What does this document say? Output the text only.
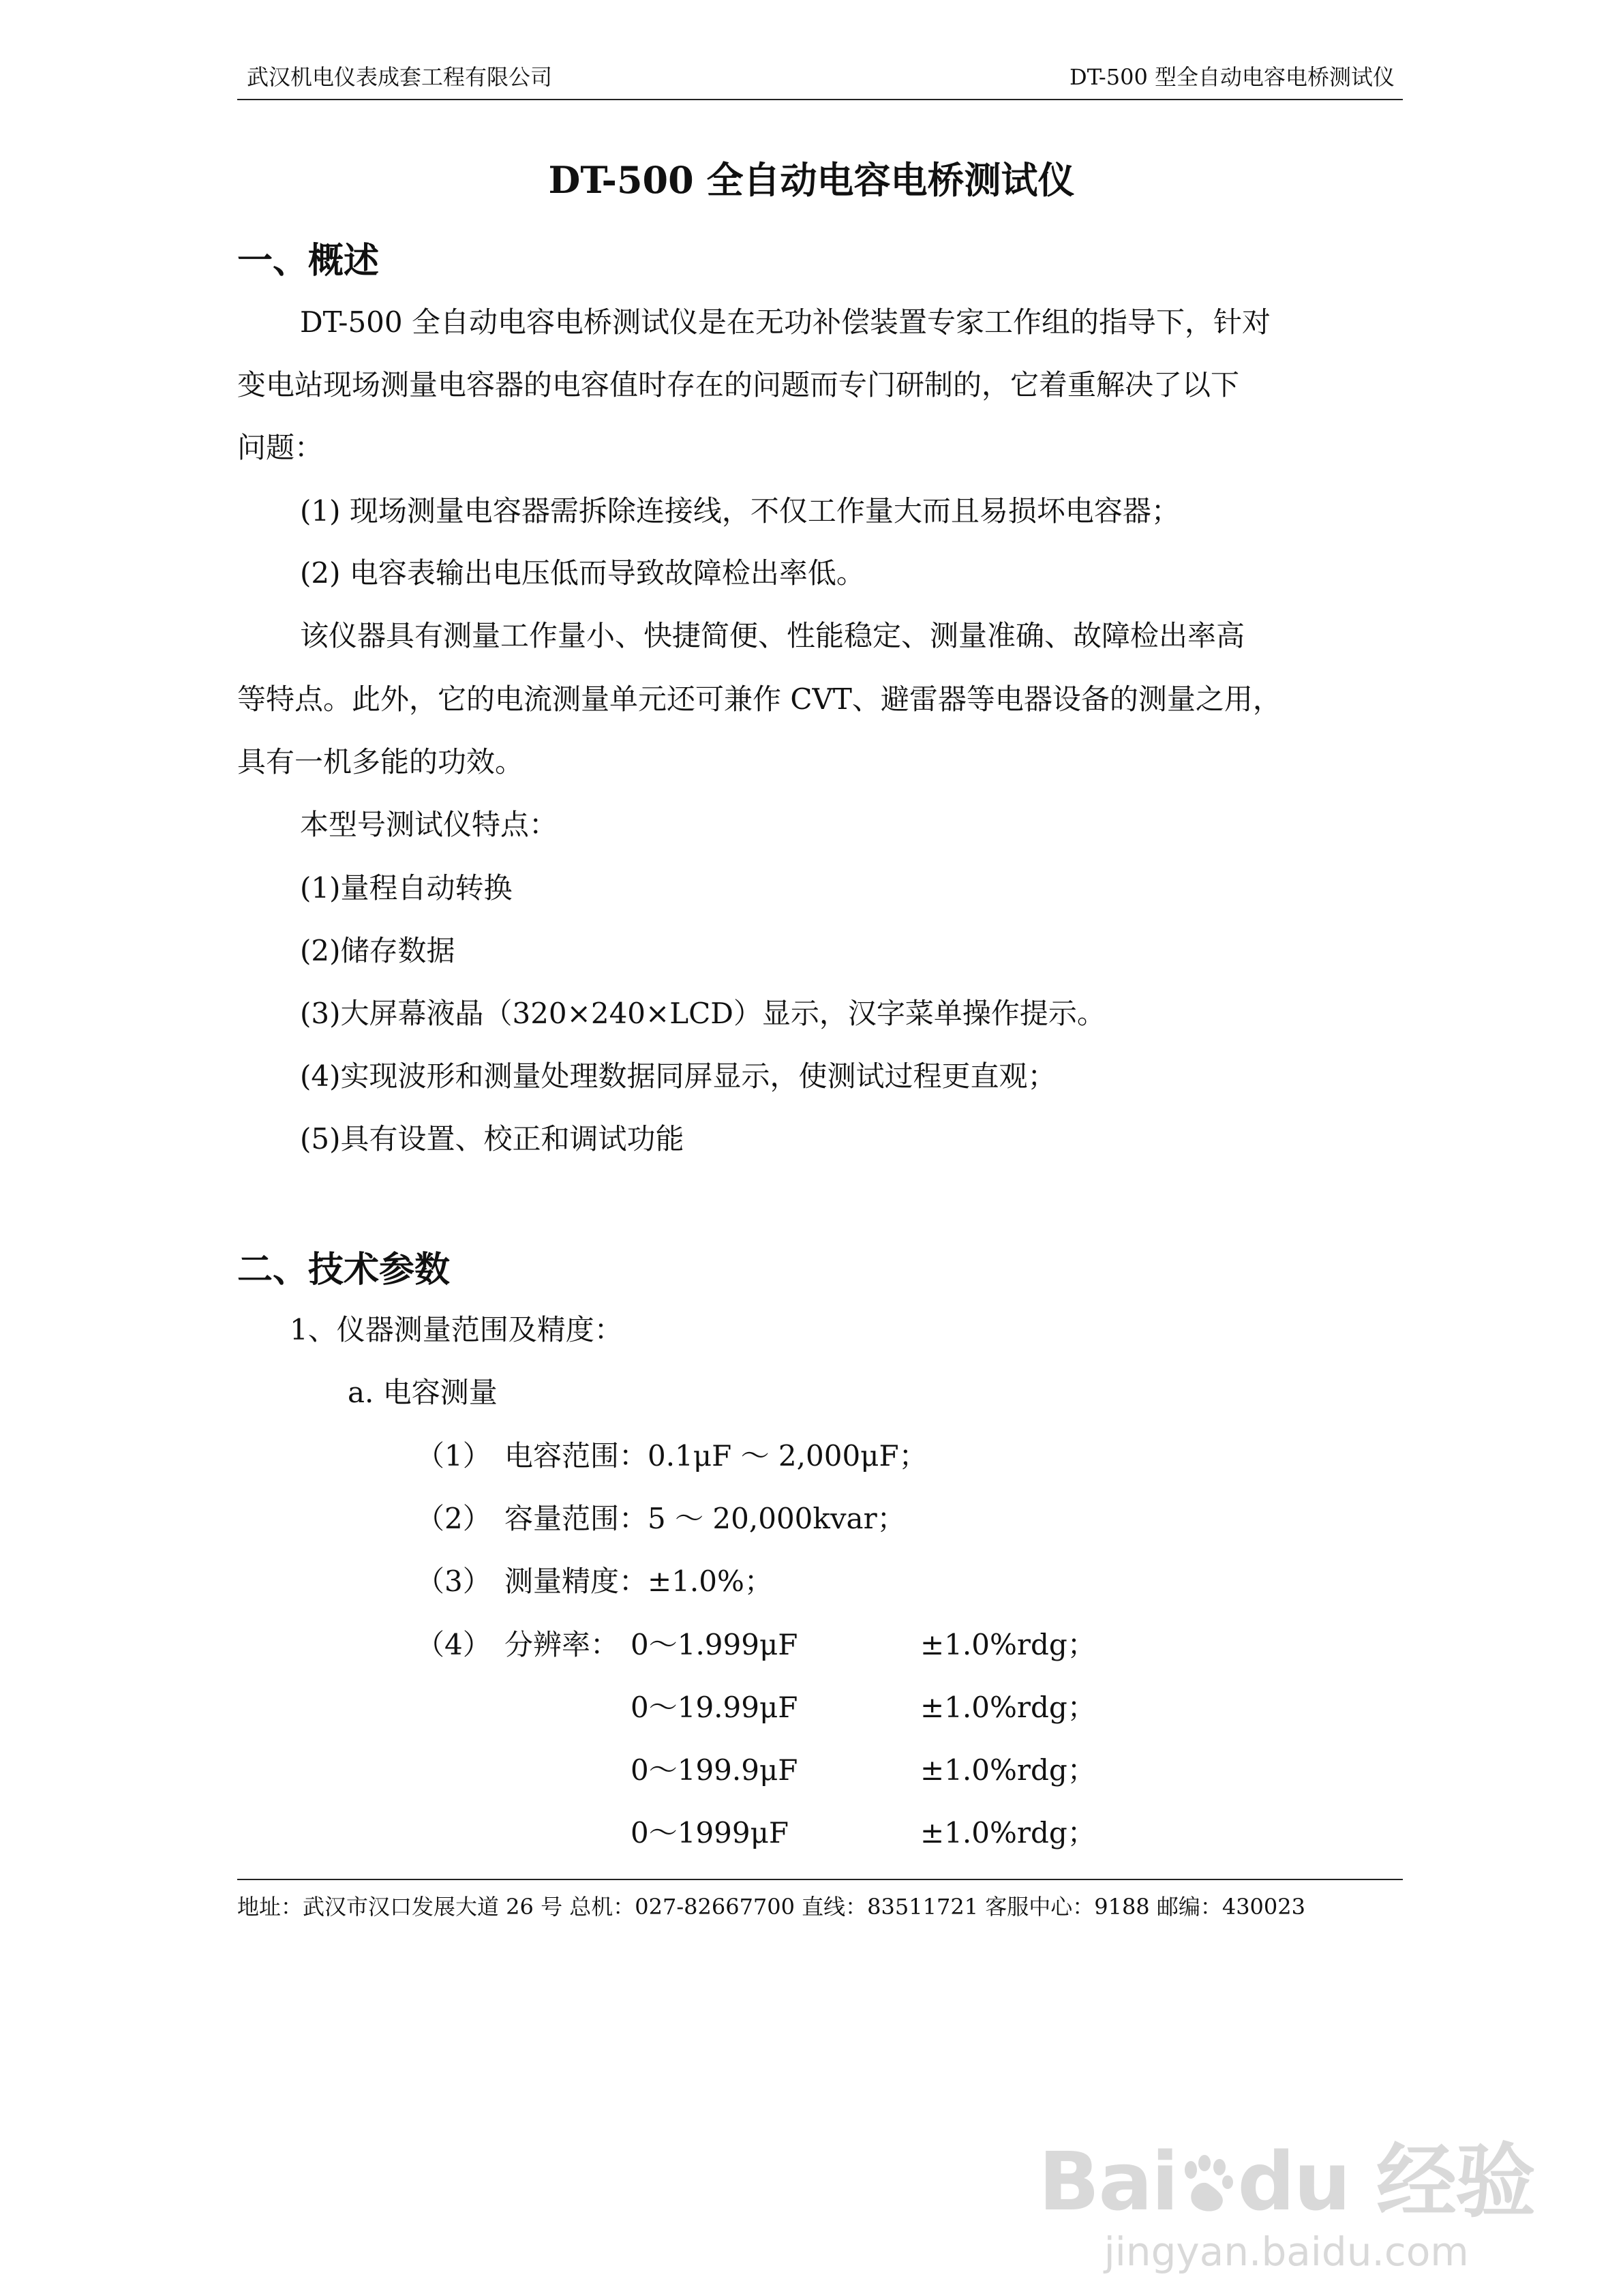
武汉机电仪表成套工程有限公司	DT-500 型全自动电容电桥测试仪
DT-500 全自动电容电桥测试仪
一、概述
DT-500 全自动电容电桥测试仪是在无功补偿装置专家工作组的指导下，针对
变电站现场测量电容器的电容值时存在的问题而专门研制的，它着重解决了以下
问题：
(1) 现场测量电容器需拆除连接线，不仅工作量大而且易损坏电容器；
(2) 电容表输出电压低而导致故障检出率低。
该仪器具有测量工作量小、快捷简便、性能稳定、测量准确、故障检出率高
等特点。此外，它的电流测量单元还可兼作 CVT、避雷器等电器设备的测量之用，
具有一机多能的功效。
本型号测试仪特点：
(1)量程自动转换
(2)储存数据
(3)大屏幕液晶（320×240×LCD）显示，汉字菜单操作提示。
(4)实现波形和测量处理数据同屏显示，使测试过程更直观；
(5)具有设置、校正和调试功能
二、技术参数
1、仪器测量范围及精度：
a. 电容测量
（1） 电容范围：0.1μF ～ 2,000μF；
（2） 容量范围：5 ～ 20,000kvar；
（3） 测量精度：±1.0%；
（4） 分辨率： 0～1.999μF	±1.0%rdg；
0～19.99μF	±1.0%rdg；
0～199.9μF	±1.0%rdg；
0～1999μF	±1.0%rdg；
地址：武汉市汉口发展大道 26 号 总机：027-82667700 直线：83511721 客服中心：9188 邮编：430023
Bai du 经验
jingyan.baidu.com
